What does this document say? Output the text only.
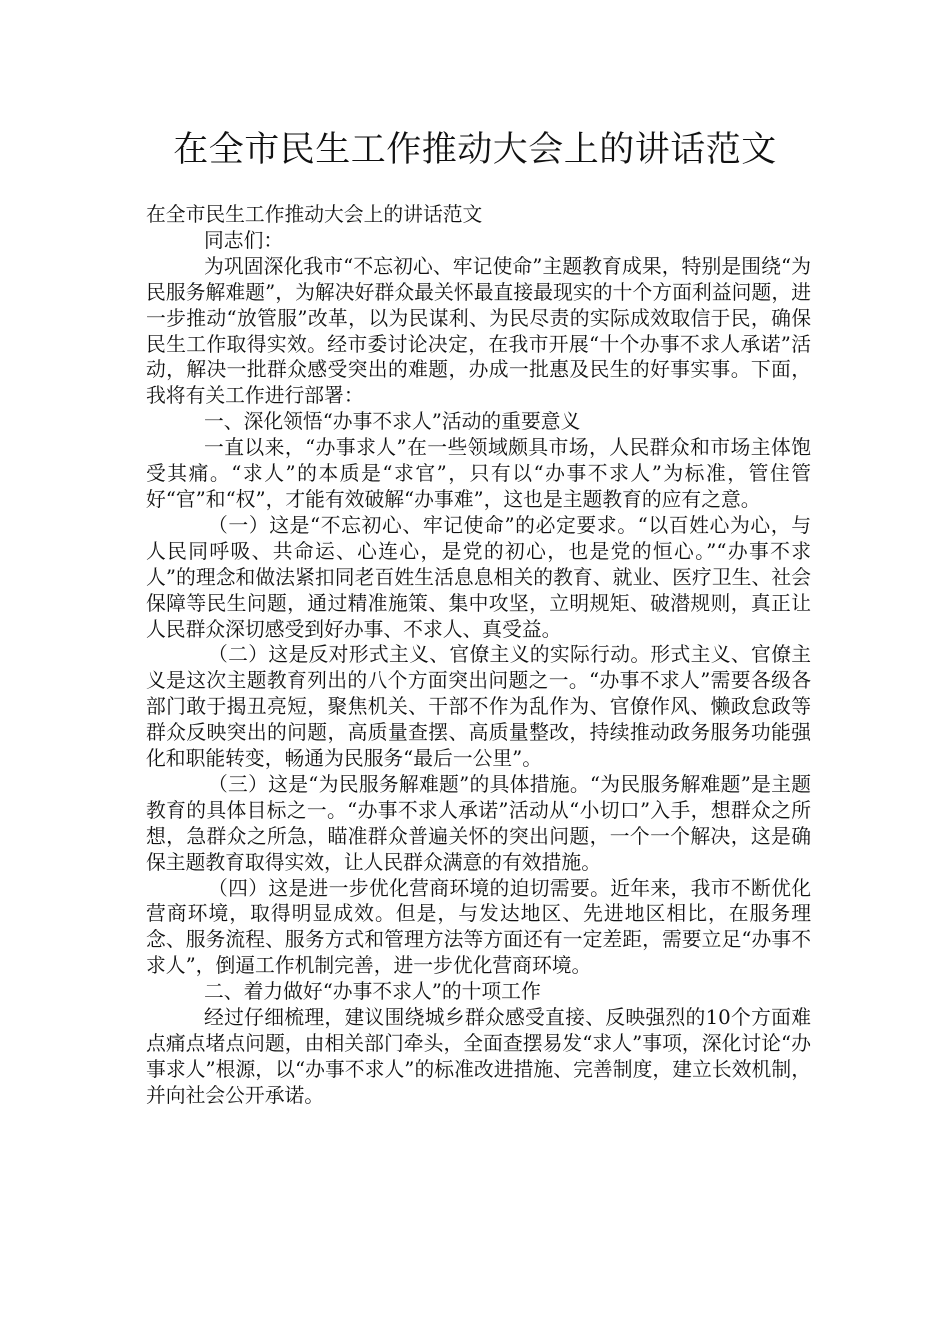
在全市民生工作推动大会上的讲话范文

在全市民生工作推动大会上的讲话范文

同志们：

为巩固深化我市“不忘初心、牢记使命”主题教育成果，特别是围绕“为民服务解难题”，为解决好群众最关怀最直接最现实的十个方面利益问题，进一步推动“放管服”改革，以为民谋利、为民尽责的实际成效取信于民，确保民生工作取得实效。经市委讨论决定，在我市开展“十个办事不求人承诺”活动，解决一批群众感受突出的难题，办成一批惠及民生的好事实事。下面，我将有关工作进行部署：

一、深化领悟“办事不求人”活动的重要意义

一直以来，“办事求人”在一些领域颇具市场，人民群众和市场主体饱受其痛。“求人”的本质是“求官”，只有以“办事不求人”为标准，管住管好“官”和“权”，才能有效破解“办事难”，这也是主题教育的应有之意。

（一）这是“不忘初心、牢记使命”的必定要求。“以百姓心为心，与人民同呼吸、共命运、心连心，是党的初心，也是党的恒心。”“办事不求人”的理念和做法紧扣同老百姓生活息息相关的教育、就业、医疗卫生、社会保障等民生问题，通过精准施策、集中攻坚，立明规矩、破潜规则，真正让人民群众深切感受到好办事、不求人、真受益。

（二）这是反对形式主义、官僚主义的实际行动。形式主义、官僚主义是这次主题教育列出的八个方面突出问题之一。“办事不求人”需要各级各部门敢于揭丑亮短，聚焦机关、干部不作为乱作为、官僚作风、懒政怠政等群众反映突出的问题，高质量查摆、高质量整改，持续推动政务服务功能强化和职能转变，畅通为民服务“最后一公里”。

（三）这是“为民服务解难题”的具体措施。“为民服务解难题”是主题教育的具体目标之一。“办事不求人承诺”活动从“小切口”入手，想群众之所想，急群众之所急，瞄准群众普遍关怀的突出问题，一个一个解决，这是确保主题教育取得实效，让人民群众满意的有效措施。

（四）这是进一步优化营商环境的迫切需要。近年来，我市不断优化营商环境，取得明显成效。但是，与发达地区、先进地区相比，在服务理念、服务流程、服务方式和管理方法等方面还有一定差距，需要立足“办事不求人”，倒逼工作机制完善，进一步优化营商环境。

二、着力做好“办事不求人”的十项工作

经过仔细梳理，建议围绕城乡群众感受直接、反映强烈的10个方面难点痛点堵点问题，由相关部门牵头，全面查摆易发“求人”事项，深化讨论“办事求人”根源，以“办事不求人”的标准改进措施、完善制度，建立长效机制，并向社会公开承诺。
